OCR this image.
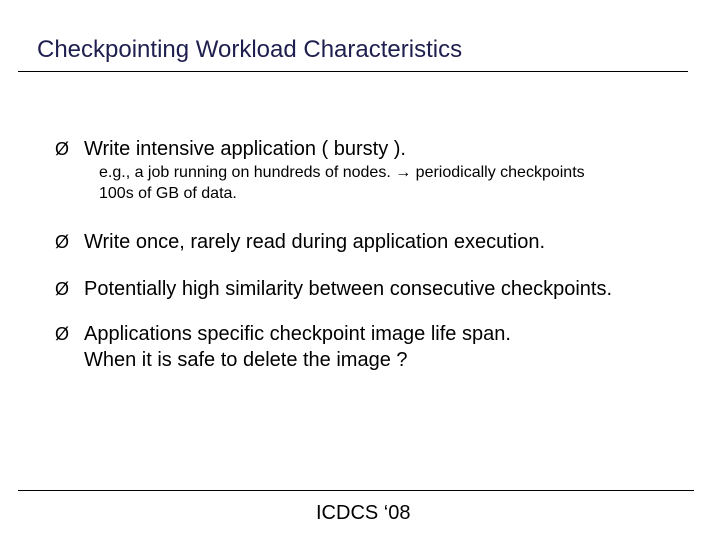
Checkpointing Workload Characteristics
Ø Write intensive application ( bursty ).
e.g., a job running on hundreds of nodes. → periodically checkpoints
100s of GB of data.
Ø Write once, rarely read during application execution.
Ø Potentially high similarity between consecutive checkpoints.
Ø Applications specific checkpoint image life span.
When it is safe to delete the image ?
ICDCS ‘08
